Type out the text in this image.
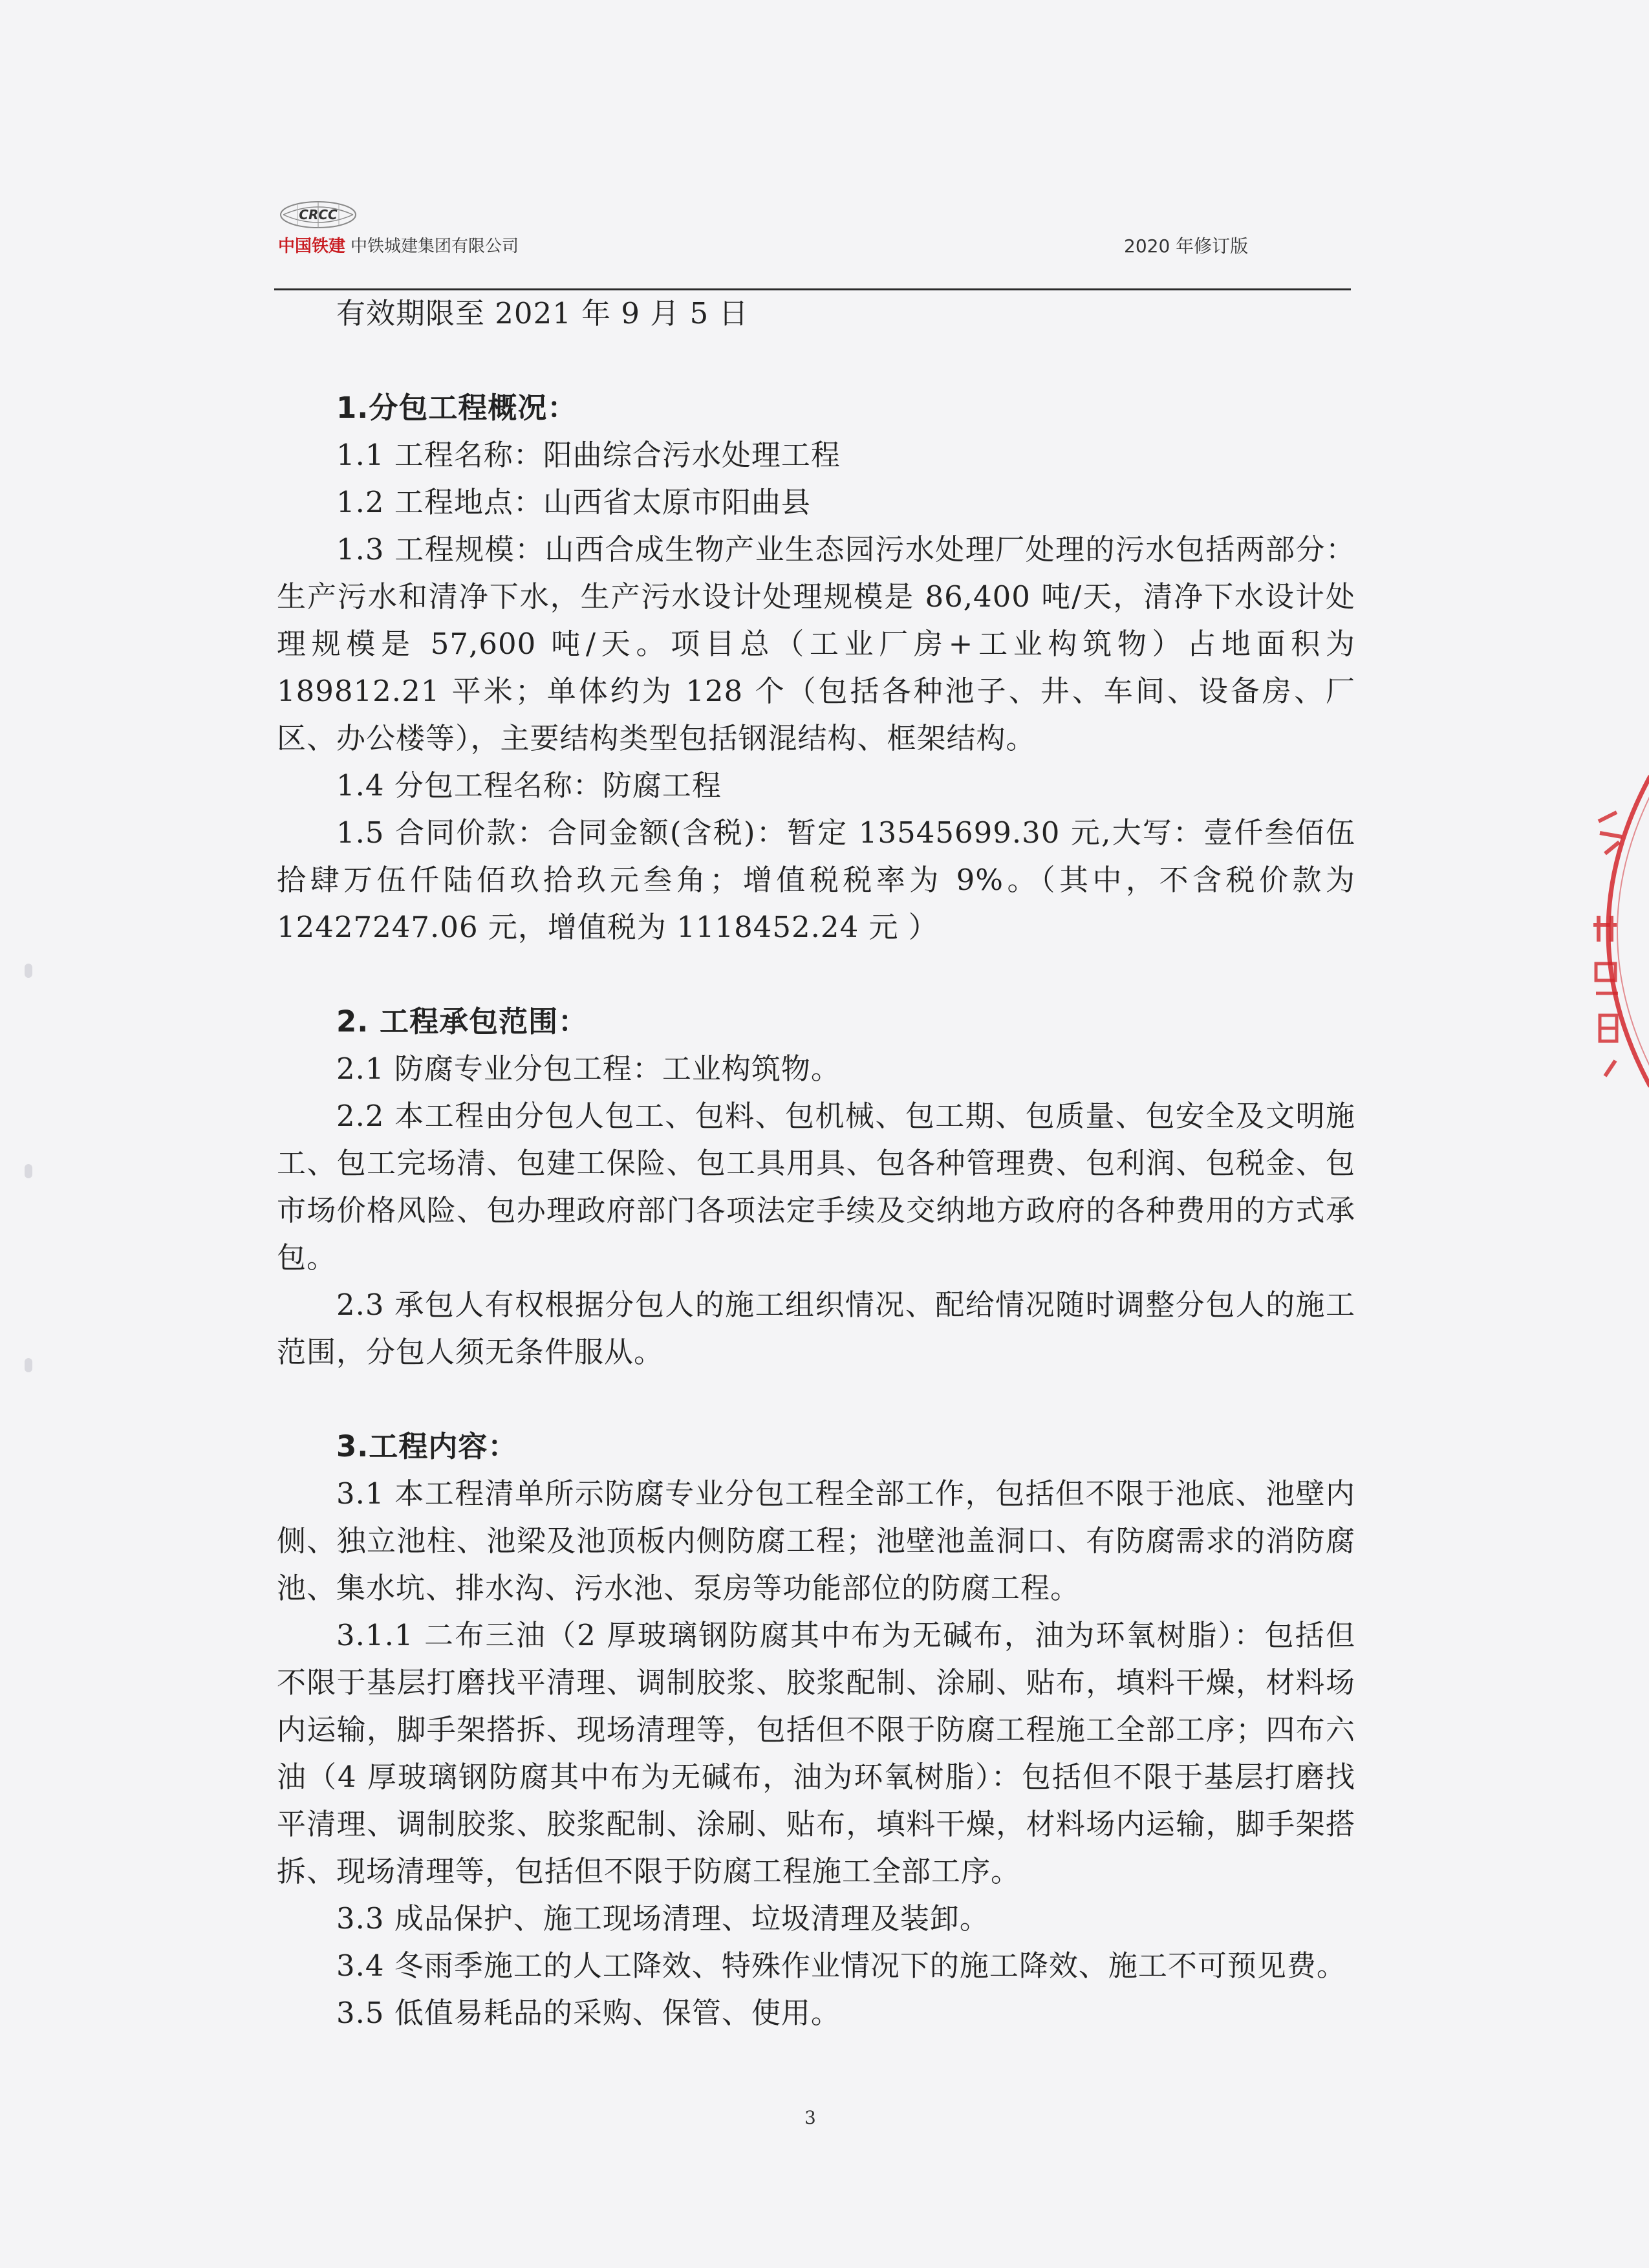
CRCC
中国铁建 中铁城建集团有限公司	2020 年修订版

有效期限至 2021 年 9 月 5 日

1.分包工程概况：

1.1 工程名称：阳曲综合污水处理工程

1.2 工程地点：山西省太原市阳曲县

1.3 工程规模：山西合成生物产业生态园污水处理厂处理的污水包括两部分：生产污水和清净下水，生产污水设计处理规模是 86,400 吨/天，清净下水设计处理规模是 57,600 吨/天。项目总（工业厂房+工业构筑物）占地面积为 189812.21 平米；单体约为 128 个（包括各种池子、井、车间、设备房、厂区、办公楼等），主要结构类型包括钢混结构、框架结构。

1.4 分包工程名称：防腐工程

1.5 合同价款：合同金额(含税)：暂定 13545699.30 元,大写：壹仟叁佰伍拾肆万伍仟陆佰玖拾玖元叁角；增值税税率为 9%。（其中，不含税价款为 12427247.06 元，增值税为 1118452.24 元 ）

2. 工程承包范围：

2.1 防腐专业分包工程：工业构筑物。

2.2 本工程由分包人包工、包料、包机械、包工期、包质量、包安全及文明施工、包工完场清、包建工保险、包工具用具、包各种管理费、包利润、包税金、包市场价格风险、包办理政府部门各项法定手续及交纳地方政府的各种费用的方式承包。

2.3 承包人有权根据分包人的施工组织情况、配给情况随时调整分包人的施工范围，分包人须无条件服从。

3.工程内容：

3.1 本工程清单所示防腐专业分包工程全部工作，包括但不限于池底、池壁内侧、独立池柱、池梁及池顶板内侧防腐工程；池壁池盖洞口、有防腐需求的消防腐池、集水坑、排水沟、污水池、泵房等功能部位的防腐工程。

3.1.1 二布三油（2 厚玻璃钢防腐其中布为无碱布，油为环氧树脂）：包括但不限于基层打磨找平清理、调制胶浆、胶浆配制、涂刷、贴布，填料干燥，材料场内运输，脚手架搭拆、现场清理等，包括但不限于防腐工程施工全部工序；四布六油（4 厚玻璃钢防腐其中布为无碱布，油为环氧树脂）：包括但不限于基层打磨找平清理、调制胶浆、胶浆配制、涂刷、贴布，填料干燥，材料场内运输，脚手架搭拆、现场清理等，包括但不限于防腐工程施工全部工序。

3.3 成品保护、施工现场清理、垃圾清理及装卸。

3.4 冬雨季施工的人工降效、特殊作业情况下的施工降效、施工不可预见费。

3.5 低值易耗品的采购、保管、使用。

3
